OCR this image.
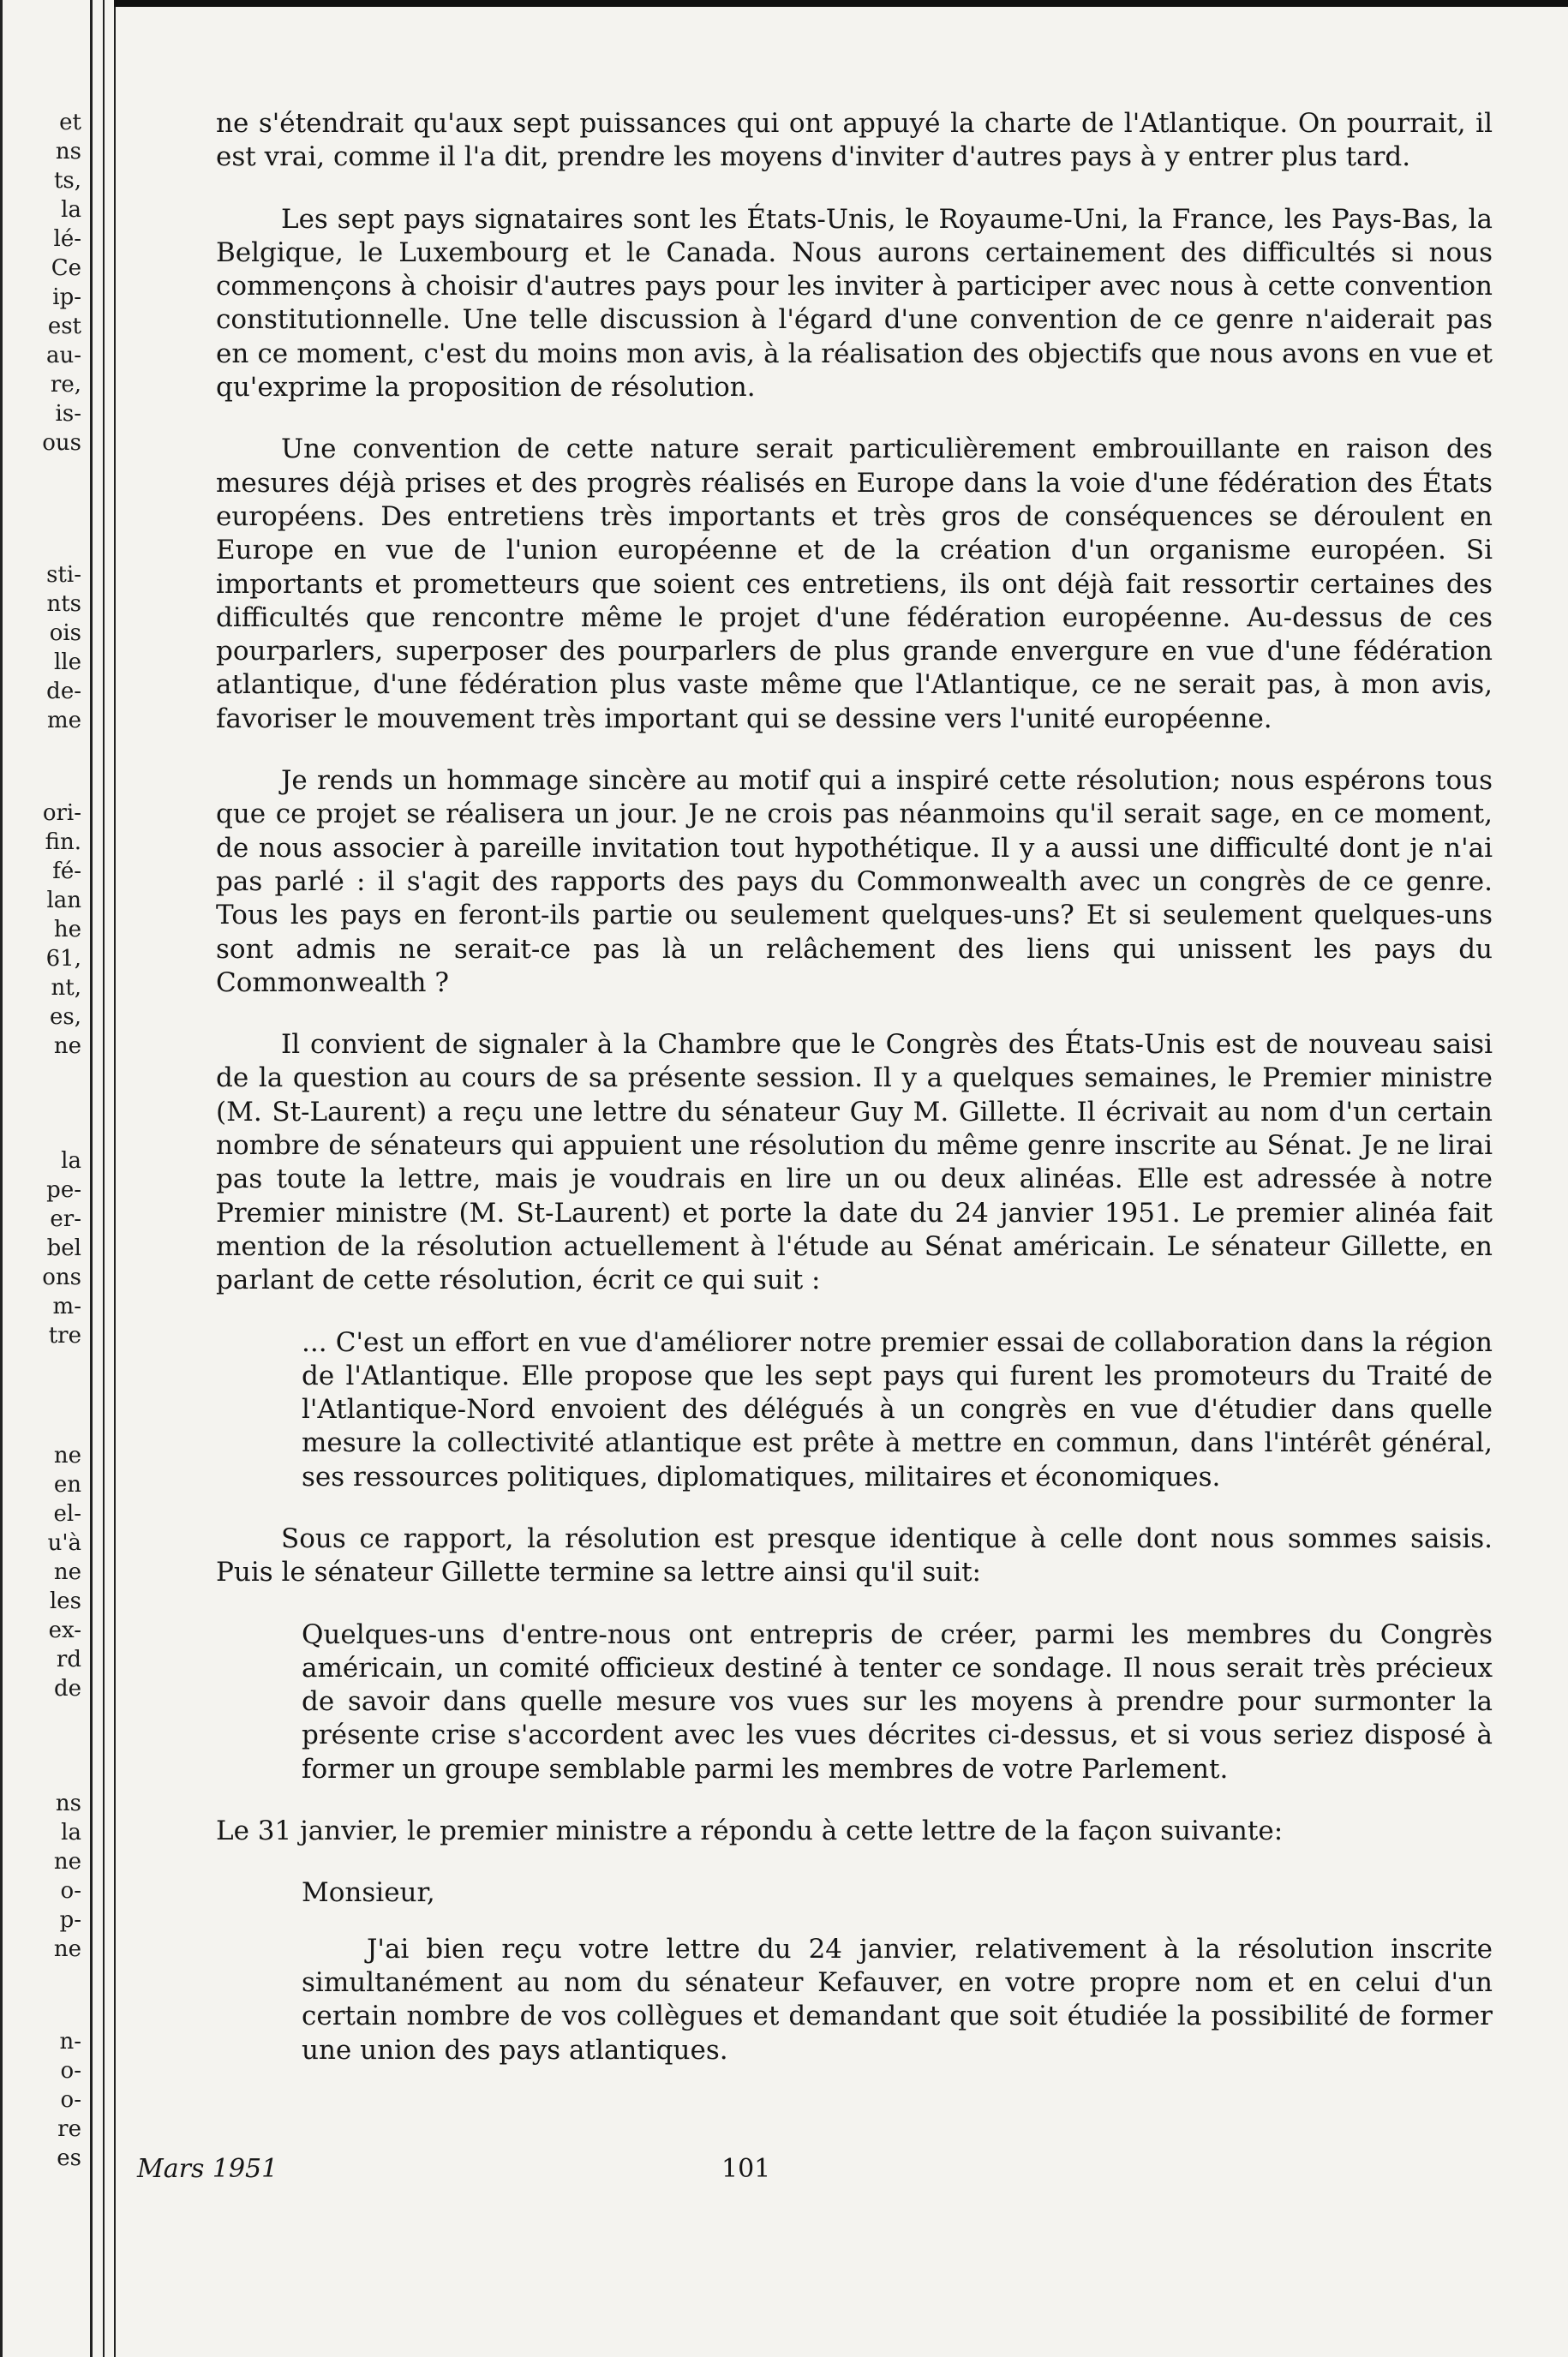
et
ns
ts,
la
lé-
Ce
ip-
est
au-
re,
is-
ous
sti-
nts
ois
lle
de-
me
ori-
fin.
fé-
lan
he
61,
nt,
es,
ne
la
pe-
er-
bel
ons
m-
tre
ne
en
el-
u'à
ne
les
ex-
rd
de
ns
la
ne
o-
p-
ne
n-
o-
o-
re
es

ne s'étendrait qu'aux sept puissances qui ont appuyé la charte de l'Atlantique. On pourrait, il est vrai, comme il l'a dit, prendre les moyens d'inviter d'autres pays à y entrer plus tard.

Les sept pays signataires sont les États-Unis, le Royaume-Uni, la France, les Pays-Bas, la Belgique, le Luxembourg et le Canada. Nous aurons certainement des difficultés si nous commençons à choisir d'autres pays pour les inviter à participer avec nous à cette convention constitutionnelle. Une telle discussion à l'égard d'une convention de ce genre n'aiderait pas en ce moment, c'est du moins mon avis, à la réalisation des objectifs que nous avons en vue et qu'exprime la proposition de résolution.

Une convention de cette nature serait particulièrement embrouillante en raison des mesures déjà prises et des progrès réalisés en Europe dans la voie d'une fédération des États européens. Des entretiens très importants et très gros de conséquences se déroulent en Europe en vue de l'union européenne et de la création d'un organisme européen. Si importants et prometteurs que soient ces entretiens, ils ont déjà fait ressortir certaines des difficultés que rencontre même le projet d'une fédération européenne. Au-dessus de ces pourparlers, superposer des pourparlers de plus grande envergure en vue d'une fédération atlantique, d'une fédération plus vaste même que l'Atlantique, ce ne serait pas, à mon avis, favoriser le mouvement très important qui se dessine vers l'unité européenne.

Je rends un hommage sincère au motif qui a inspiré cette résolution; nous espérons tous que ce projet se réalisera un jour. Je ne crois pas néanmoins qu'il serait sage, en ce moment, de nous associer à pareille invitation tout hypothétique. Il y a aussi une difficulté dont je n'ai pas parlé : il s'agit des rapports des pays du Commonwealth avec un congrès de ce genre. Tous les pays en feront-ils partie ou seulement quelques-uns? Et si seulement quelques-uns sont admis ne serait-ce pas là un relâchement des liens qui unissent les pays du Commonwealth ?

Il convient de signaler à la Chambre que le Congrès des États-Unis est de nouveau saisi de la question au cours de sa présente session. Il y a quelques semaines, le Premier ministre (M. St-Laurent) a reçu une lettre du sénateur Guy M. Gillette. Il écrivait au nom d'un certain nombre de sénateurs qui appuient une résolution du même genre inscrite au Sénat. Je ne lirai pas toute la lettre, mais je voudrais en lire un ou deux alinéas. Elle est adressée à notre Premier ministre (M. St-Laurent) et porte la date du 24 janvier 1951. Le premier alinéa fait mention de la résolution actuellement à l'étude au Sénat américain. Le sénateur Gillette, en parlant de cette résolution, écrit ce qui suit :

... C'est un effort en vue d'améliorer notre premier essai de collaboration dans la région de l'Atlantique. Elle propose que les sept pays qui furent les promoteurs du Traité de l'Atlantique-Nord envoient des délégués à un congrès en vue d'étudier dans quelle mesure la collectivité atlantique est prête à mettre en commun, dans l'intérêt général, ses ressources politiques, diplomatiques, militaires et économiques.

Sous ce rapport, la résolution est presque identique à celle dont nous sommes saisis. Puis le sénateur Gillette termine sa lettre ainsi qu'il suit:

Quelques-uns d'entre-nous ont entrepris de créer, parmi les membres du Congrès américain, un comité officieux destiné à tenter ce sondage. Il nous serait très précieux de savoir dans quelle mesure vos vues sur les moyens à prendre pour surmonter la présente crise s'accordent avec les vues décrites ci-dessus, et si vous seriez disposé à former un groupe semblable parmi les membres de votre Parlement.

Le 31 janvier, le premier ministre a répondu à cette lettre de la façon suivante:

Monsieur,

J'ai bien reçu votre lettre du 24 janvier, relativement à la résolution inscrite simultanément au nom du sénateur Kefauver, en votre propre nom et en celui d'un certain nombre de vos collègues et demandant que soit étudiée la possibilité de former une union des pays atlantiques.

Mars 1951	101
